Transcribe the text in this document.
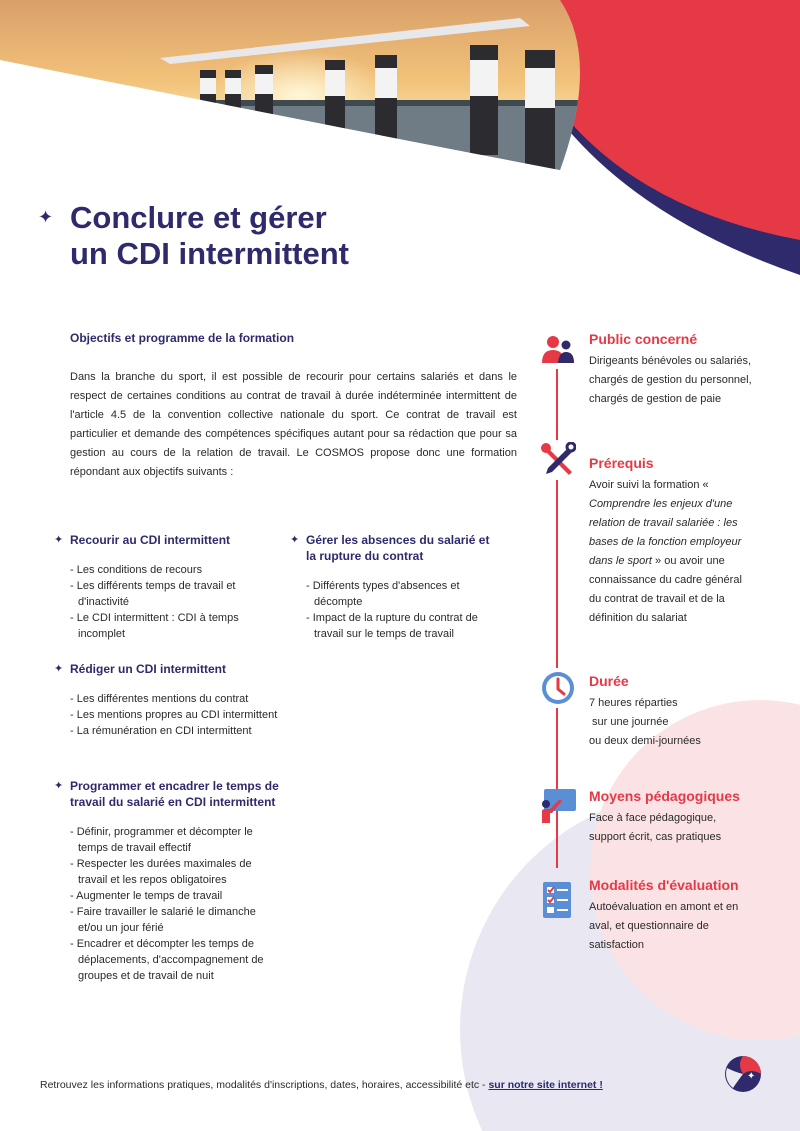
✦ Conclure et gérer
un CDI intermittent
Objectifs et programme de la formation

Dans la branche du sport, il est possible de recourir pour certains salariés et dans le respect de certaines conditions au contrat de travail à durée indéterminée intermittent de l'article 4.5 de la convention collective nationale du sport. Ce contrat de travail est particulier et demande des compétences spécifiques autant pour sa rédaction que pour sa gestion au cours de la relation de travail. Le COSMOS propose donc une formation répondant aux objectifs suivants :

✦ Recourir au CDI intermittent
- Les conditions de recours
- Les différents temps de travail et d'inactivité
- Le CDI intermittent : CDI à temps incomplet
✦ Rédiger un CDI intermittent
- Les différentes mentions du contrat
- Les mentions propres au CDI intermittent
- La rémunération en CDI intermittent
✦ Programmer et encadrer le temps de travail du salarié en CDI intermittent
- Définir, programmer et décompter le temps de travail effectif
- Respecter les durées maximales de travail et les repos obligatoires
- Augmenter le temps de travail
- Faire travailler le salarié le dimanche et/ou un jour férié
- Encadrer et décompter les temps de déplacements, d'accompagnement de groupes et de travail de nuit
✦ Gérer les absences du salarié et la rupture du contrat
- Différents types d'absences et décompte
- Impact de la rupture du contrat de travail sur le temps de travail
Public concerné
Dirigeants bénévoles ou salariés, chargés de gestion du personnel, chargés de gestion de paie
Prérequis
Avoir suivi la formation « Comprendre les enjeux d'une relation de travail salariée : les bases de la fonction employeur dans le sport » ou avoir une connaissance du cadre général du contrat de travail et de la définition du salariat
Durée
7 heures réparties
sur une journée
ou deux demi-journées
Moyens pédagogiques
Face à face pédagogique, support écrit, cas pratiques
Modalités d'évaluation
Autoévaluation en amont et en aval, et questionnaire de satisfaction
Retrouvez les informations pratiques, modalités d'inscriptions, dates, horaires, accessibilité etc - sur notre site internet !
✦
